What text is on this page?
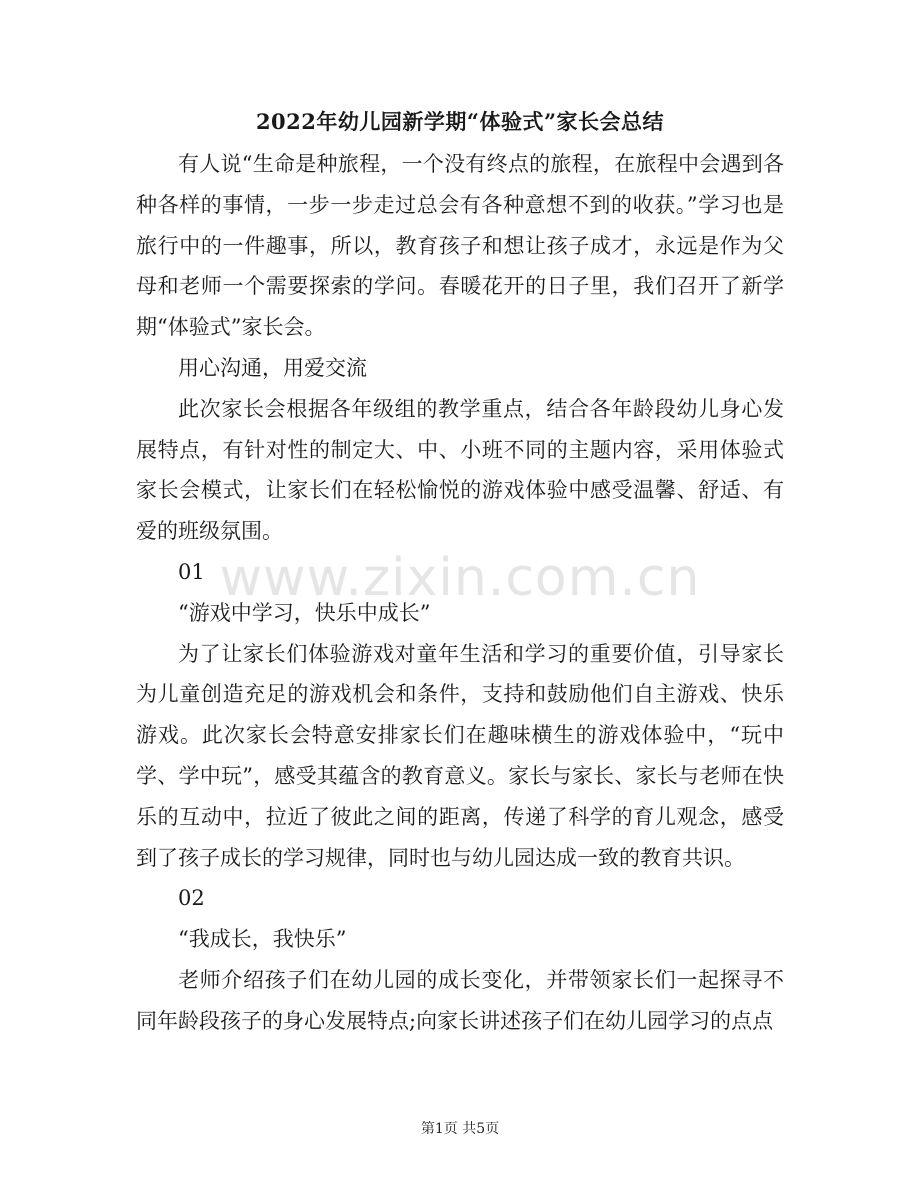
2022年幼儿园新学期“体验式”家长会总结

有人说“生命是种旅程，一个没有终点的旅程，在旅程中会遇到各种各样的事情，一步一步走过总会有各种意想不到的收获。”学习也是旅行中的一件趣事，所以，教育孩子和想让孩子成才，永远是作为父母和老师一个需要探索的学问。春暖花开的日子里，我们召开了新学期“体验式”家长会。

用心沟通，用爱交流

此次家长会根据各年级组的教学重点，结合各年龄段幼儿身心发展特点，有针对性的制定大、中、小班不同的主题内容，采用体验式家长会模式，让家长们在轻松愉悦的游戏体验中感受温馨、舒适、有爱的班级氛围。

01

“游戏中学习，快乐中成长”

为了让家长们体验游戏对童年生活和学习的重要价值，引导家长为儿童创造充足的游戏机会和条件，支持和鼓励他们自主游戏、快乐游戏。此次家长会特意安排家长们在趣味横生的游戏体验中，“玩中学、学中玩”，感受其蕴含的教育意义。家长与家长、家长与老师在快乐的互动中，拉近了彼此之间的距离，传递了科学的育儿观念，感受到了孩子成长的学习规律，同时也与幼儿园达成一致的教育共识。

02

“我成长，我快乐”

老师介绍孩子们在幼儿园的成长变化，并带领家长们一起探寻不同年龄段孩子的身心发展特点;向家长讲述孩子们在幼儿园学习的点点

www.zixin.com.cn
第1页 共5页
